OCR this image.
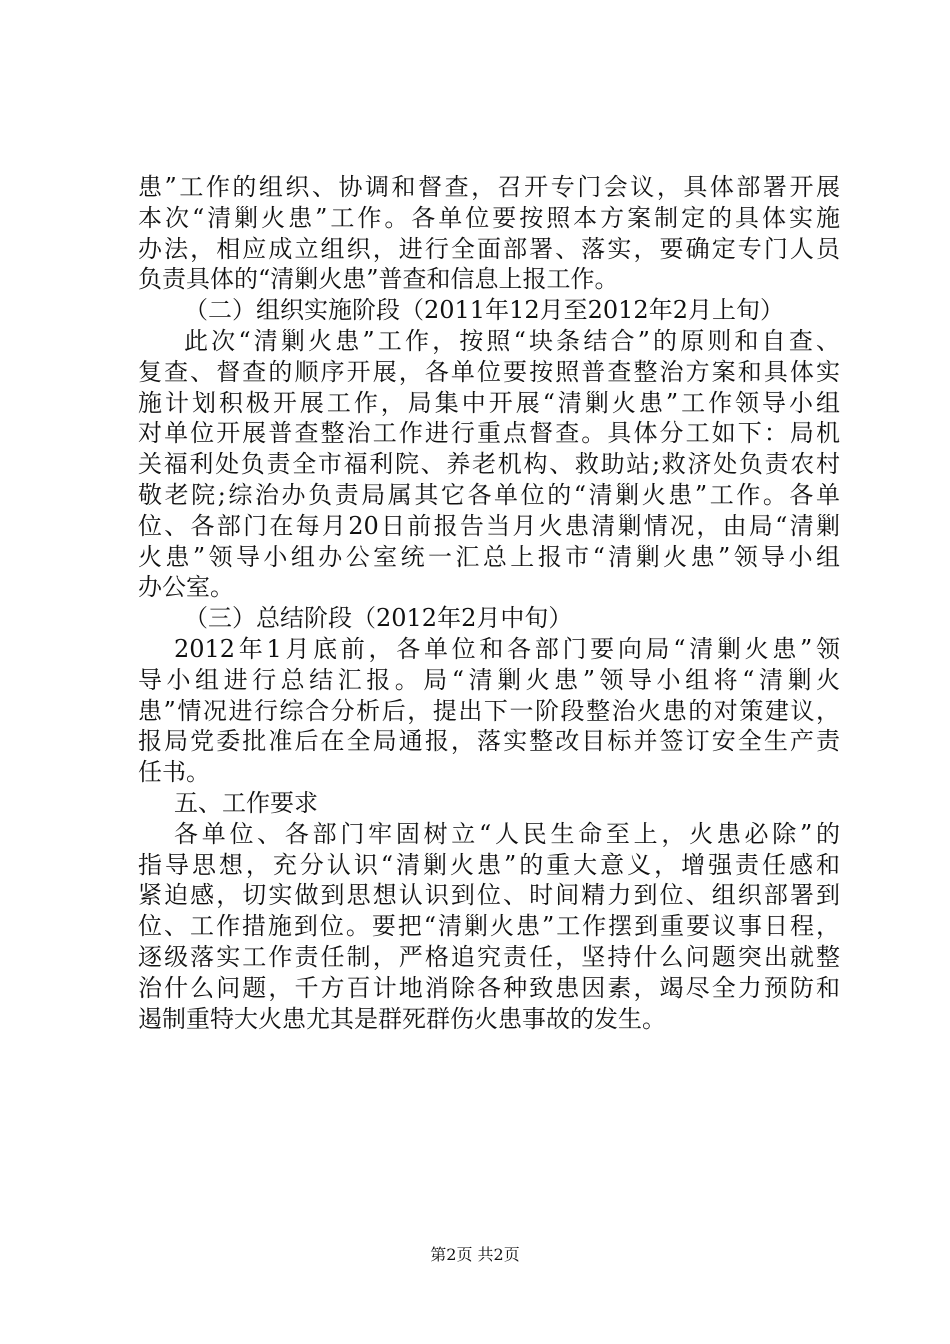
患”工作的组织、协调和督查，召开专门会议，具体部署开展
本次“清剿火患”工作。各单位要按照本方案制定的具体实施
办法，相应成立组织，进行全面部署、落实，要确定专门人员
负责具体的“清剿火患”普查和信息上报工作。
（二）组织实施阶段（2011年12月至2012年2月上旬）
此次“清剿火患”工作，按照“块条结合”的原则和自查、
复查、督查的顺序开展，各单位要按照普查整治方案和具体实
施计划积极开展工作，局集中开展“清剿火患”工作领导小组
对单位开展普查整治工作进行重点督查。具体分工如下：局机
关福利处负责全市福利院、养老机构、救助站;救济处负责农村
敬老院;综治办负责局属其它各单位的“清剿火患”工作。各单
位、各部门在每月20日前报告当月火患清剿情况，由局“清剿
火患”领导小组办公室统一汇总上报市“清剿火患”领导小组
办公室。
（三）总结阶段（2012年2月中旬）
2012年1月底前，各单位和各部门要向局“清剿火患”领
导小组进行总结汇报。局“清剿火患”领导小组将“清剿火
患”情况进行综合分析后，提出下一阶段整治火患的对策建议，
报局党委批准后在全局通报，落实整改目标并签订安全生产责
任书。
五、工作要求
各单位、各部门牢固树立“人民生命至上，火患必除”的
指导思想，充分认识“清剿火患”的重大意义，增强责任感和
紧迫感，切实做到思想认识到位、时间精力到位、组织部署到
位、工作措施到位。要把“清剿火患”工作摆到重要议事日程，
逐级落实工作责任制，严格追究责任，坚持什么问题突出就整
治什么问题，千方百计地消除各种致患因素，竭尽全力预防和
遏制重特大火患尤其是群死群伤火患事故的发生。
第2页 共2页
